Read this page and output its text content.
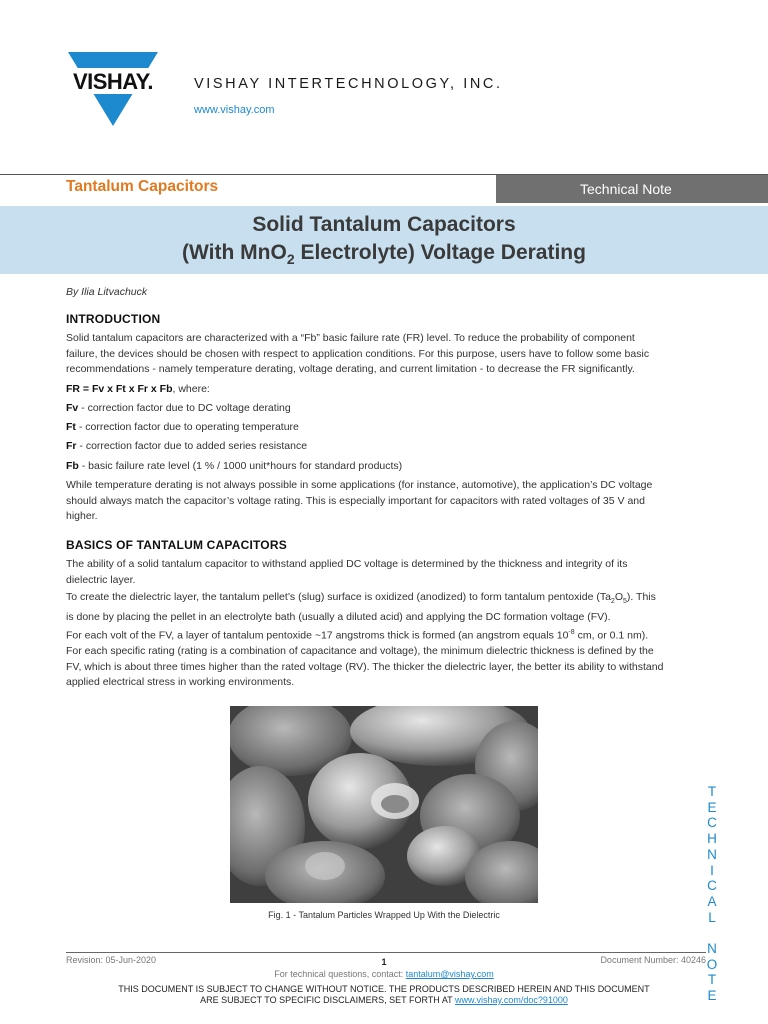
VISHAY.	VISHAY INTERTECHNOLOGY, INC.
www.vishay.com
Tantalum Capacitors	Technical Note
Solid Tantalum Capacitors
(With MnO$_2$ Electrolyte) Voltage Derating
By Ilia Litvachuck
INTRODUCTION
Solid tantalum capacitors are characterized with a “Fb” basic failure rate (FR) level. To reduce the probability of component
failure, the devices should be chosen with respect to application conditions. For this purpose, users have to follow some basic
recommendations - namely temperature derating, voltage derating, and current limitation - to decrease the FR significantly.
FR = Fv x Ft x Fr x Fb, where:
Fv - correction factor due to DC voltage derating
Ft - correction factor due to operating temperature
Fr - correction factor due to added series resistance
Fb - basic failure rate level (1 % / 1000 unit*hours for standard products)
While temperature derating is not always possible in some applications (for instance, automotive), the application’s DC voltage
should always match the capacitor’s voltage rating. This is especially important for capacitors with rated voltages of 35 V and
higher.
BASICS OF TANTALUM CAPACITORS
The ability of a solid tantalum capacitor to withstand applied DC voltage is determined by the thickness and integrity of its
dielectric layer.
To create the dielectric layer, the tantalum pellet’s (slug) surface is oxidized (anodized) to form tantalum pentoxide $(Ta_2O_5)$. This
is done by placing the pellet in an electrolyte bath (usually a diluted acid) and applying the DC formation voltage (FV).
For each volt of the FV, a layer of tantalum pentoxide ~17 angstroms thick is formed (an angstrom equals $10^{-8}$ cm, or 0.1 nm).
For each specific rating (rating is a combination of capacitance and voltage), the minimum dielectric thickness is defined by the
FV, which is about three times higher than the rated voltage (RV). The thicker the dielectric layer, the better its ability to withstand
applied electrical stress in working environments.
Fig. 1 - Tantalum Particles Wrapped Up With the Dielectric
T
E
C
H
N
I
C
A
L

N
O
T
E
Revision: 05-Jun-2020	1	Document Number: 40246
For technical questions, contact: tantalum@vishay.com
THIS DOCUMENT IS SUBJECT TO CHANGE WITHOUT NOTICE. THE PRODUCTS DESCRIBED HEREIN AND THIS DOCUMENT
ARE SUBJECT TO SPECIFIC DISCLAIMERS, SET FORTH AT www.vishay.com/doc?91000
